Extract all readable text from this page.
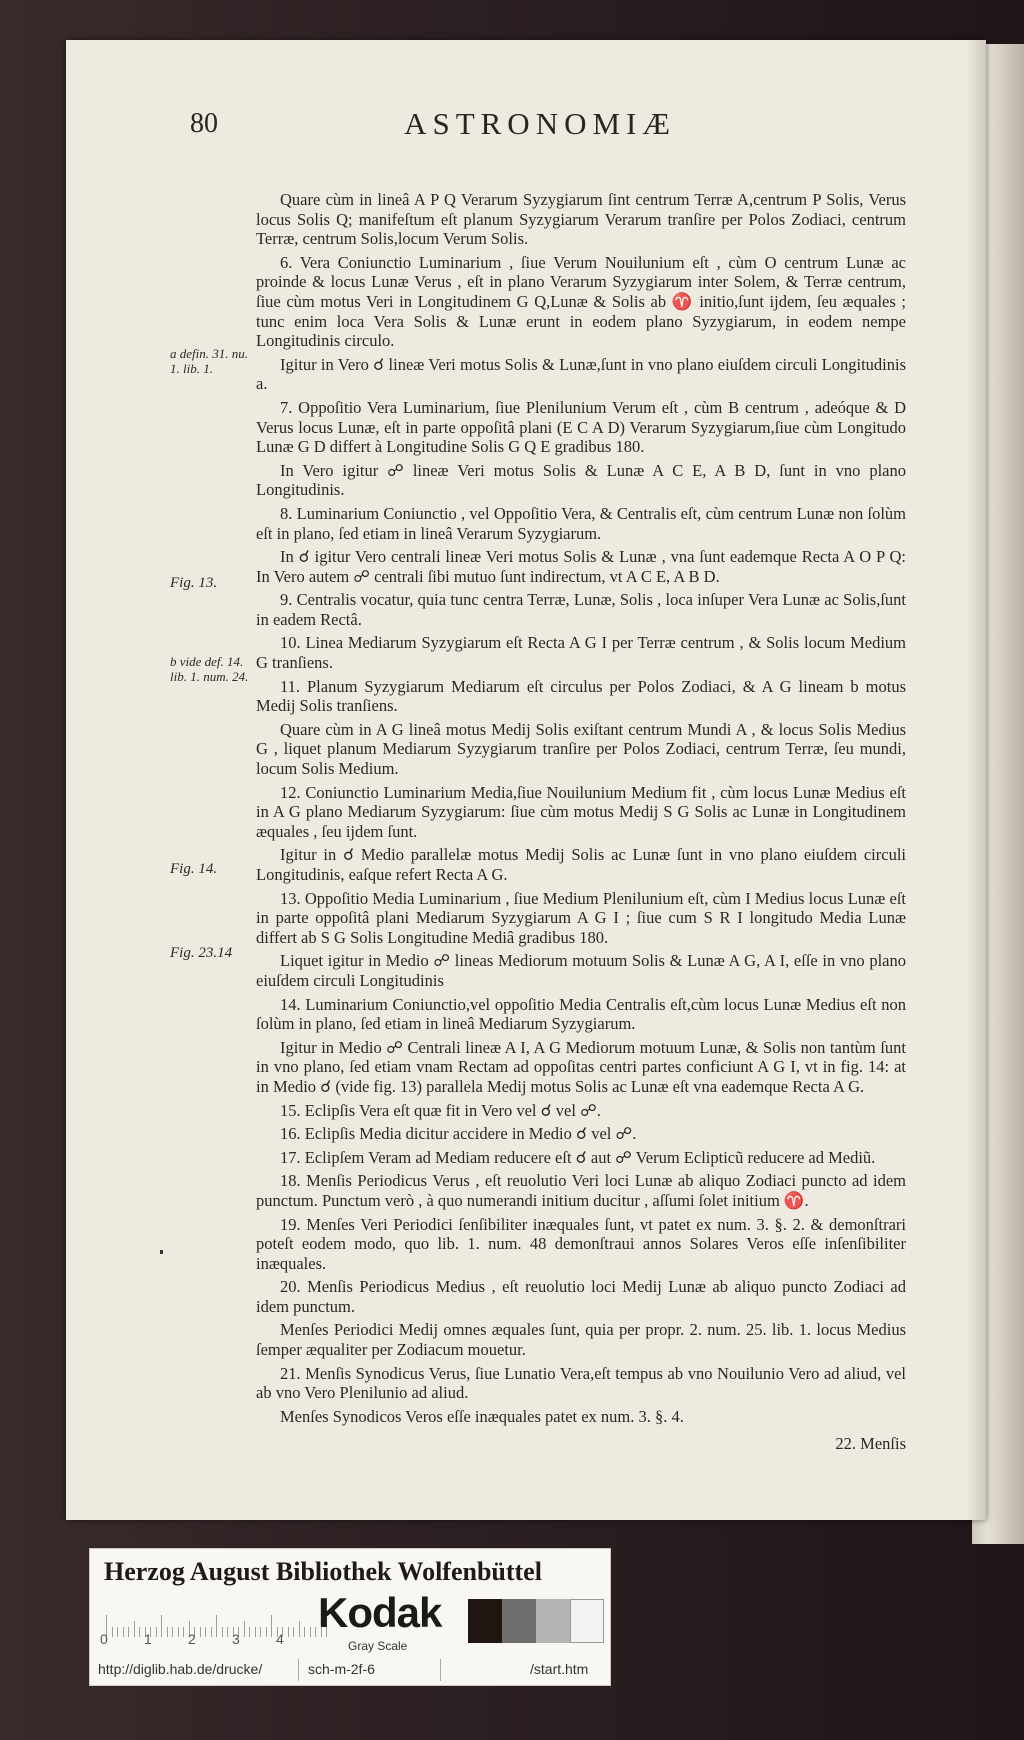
80	ASTRONOMIÆ

Quare cùm in lineâ A P Q Verarum Syzygiarum ſint centrum Terræ A,centrum P Solis, Verus locus Solis Q; manifeſtum eſt planum Syzygiarum Verarum tranſire per Polos Zodiaci, centrum Terræ, centrum Solis,locum Verum Solis.

6. Vera Coniunctio Luminarium , ſiue Verum Nouilunium eſt , cùm O centrum Lunæ ac proinde & locus Lunæ Verus , eſt in plano Verarum Syzygiarum inter Solem, & Terræ centrum, ſiue cùm motus Veri in Longitudinem G Q,Lunæ & Solis ab ♈ initio,ſunt ijdem, ſeu æquales ; tunc enim loca Vera Solis & Lunæ erunt in eodem plano Syzygiarum, in eodem nempe Longitudinis circulo.

Igitur in Vero ☌ lineæ Veri motus Solis & Lunæ,ſunt in vno plano eiuſdem circuli Longitudinis a.

7. Oppoſitio Vera Luminarium, ſiue Plenilunium Verum eſt , cùm B centrum , adeóque & D Verus locus Lunæ, eſt in parte oppoſitâ plani (E C A D) Verarum Syzygiarum,ſiue cùm Longitudo Lunæ G D differt à Longitudine Solis G Q E gradibus 180.

In Vero igitur ☍ lineæ Veri motus Solis & Lunæ A C E, A B D, ſunt in vno plano Longitudinis.

8. Luminarium Coniunctio , vel Oppoſitio Vera, & Centralis eſt, cùm centrum Lunæ non ſolùm eſt in plano, ſed etiam in lineâ Verarum Syzygiarum.

In ☌ igitur Vero centrali lineæ Veri motus Solis & Lunæ , vna ſunt eademque Recta A O P Q: In Vero autem ☍ centrali ſibi mutuo ſunt indirectum, vt A C E, A B D.

9. Centralis vocatur, quia tunc centra Terræ, Lunæ, Solis , loca inſuper Vera Lunæ ac Solis,ſunt in eadem Rectâ.

10. Linea Mediarum Syzygiarum eſt Recta A G I per Terræ centrum , & Solis locum Medium G tranſiens.

11. Planum Syzygiarum Mediarum eſt circulus per Polos Zodiaci, & A G lineam b motus Medij Solis tranſiens.

Quare cùm in A G lineâ motus Medij Solis exiſtant centrum Mundi A , & locus Solis Medius G , liquet planum Mediarum Syzygiarum tranſire per Polos Zodiaci, centrum Terræ, ſeu mundi, locum Solis Medium.

12. Coniunctio Luminarium Media,ſiue Nouilunium Medium fit , cùm locus Lunæ Medius eſt in A G plano Mediarum Syzygiarum: ſiue cùm motus Medij S G Solis ac Lunæ in Longitudinem æquales , ſeu ijdem ſunt.

Igitur in ☌ Medio parallelæ motus Medij Solis ac Lunæ ſunt in vno plano eiuſdem circuli Longitudinis, eaſque refert Recta A G.

13. Oppoſitio Media Luminarium , ſiue Medium Plenilunium eſt, cùm I Medius locus Lunæ eſt in parte oppoſitâ plani Mediarum Syzygiarum A G I ; ſiue cum S R I longitudo Media Lunæ differt ab S G Solis Longitudine Mediâ gradibus 180.

Liquet igitur in Medio ☍ lineas Mediorum motuum Solis & Lunæ A G, A I, eſſe in vno plano eiuſdem circuli Longitudinis

14. Luminarium Coniunctio,vel oppoſitio Media Centralis eſt,cùm locus Lunæ Medius eſt non ſolùm in plano, ſed etiam in lineâ Mediarum Syzygiarum.

Igitur in Medio ☍ Centrali lineæ A I, A G Mediorum motuum Lunæ, & Solis non tantùm ſunt in vno plano, ſed etiam vnam Rectam ad oppoſitas centri partes conficiunt A G I, vt in fig. 14: at in Medio ☌ (vide fig. 13) parallela Medij motus Solis ac Lunæ eſt vna eademque Recta A G.

15. Eclipſis Vera eſt quæ fit in Vero vel ☌ vel ☍.

16. Eclipſis Media dicitur accidere in Medio ☌ vel ☍.

17. Eclipſem Veram ad Mediam reducere eſt ☌ aut ☍ Verum Eclipticũ reducere ad Mediũ.

18. Menſis Periodicus Verus , eſt reuolutio Veri loci Lunæ ab aliquo Zodiaci puncto ad idem punctum. Punctum verò , à quo numerandi initium ducitur , aſſumi ſolet initium ♈.

19. Menſes Veri Periodici ſenſibiliter inæquales ſunt, vt patet ex num. 3. §. 2. & demonſtrari poteſt eodem modo, quo lib. 1. num. 48 demonſtraui annos Solares Veros eſſe inſenſibiliter inæquales.

20. Menſis Periodicus Medius , eſt reuolutio loci Medij Lunæ ab aliquo puncto Zodiaci ad idem punctum.

Menſes Periodici Medij omnes æquales ſunt, quia per propr. 2. num. 25. lib. 1. locus Medius ſemper æqualiter per Zodiacum mouetur.

21. Menſis Synodicus Verus, ſiue Lunatio Vera,eſt tempus ab vno Nouilunio Vero ad aliud, vel ab vno Vero Plenilunio ad aliud.

Menſes Synodicos Veros eſſe inæquales patet ex num. 3. §. 4.

22. Menſis

a defin. 31. nu. 1. lib. 1.
Fig. 13.
b vide def. 14. lib. 1. num. 24.
Fig. 14.
Fig. 23.14
Herzog August Bibliothek Wolfenbüttel
0	1	2	3	4
Kodak
Gray Scale
http://diglib.hab.de/drucke/	sch-m-2f-6	/start.htm
